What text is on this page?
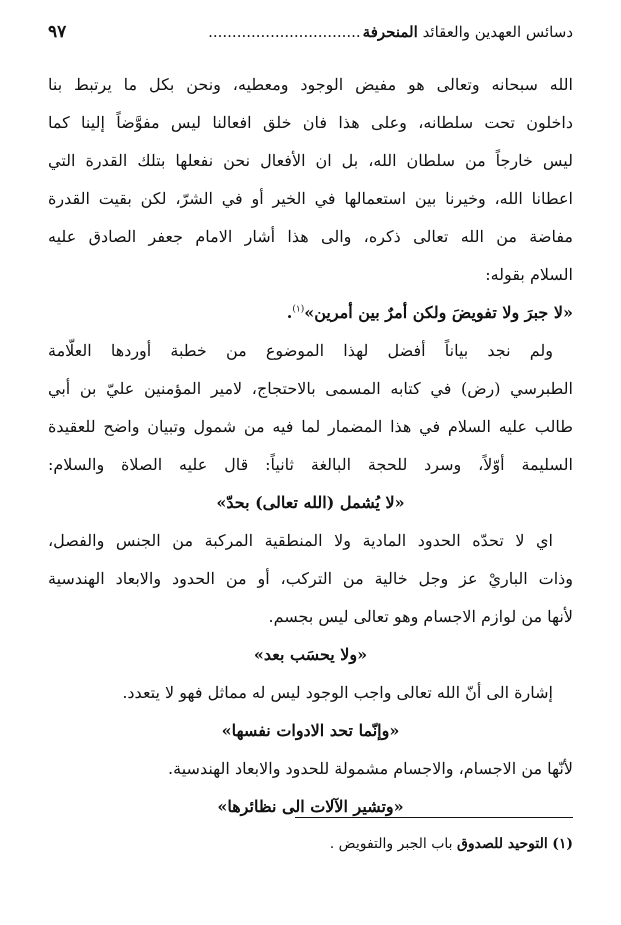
دسائس العهدين والعقائد المنحرفة................................
٩٧
الله سبحانه وتعالى هو مفيض الوجود ومعطيه، ونحن بكل ما يرتبط بنا
داخلون تحت سلطانه، وعلى هذا فان خلق افعالنا ليس مفوَّضاً إلينا كما
ليس خارجاً من سلطان الله، بل ان الأفعال نحن نفعلها بتلك القدرة التي
اعطانا الله، وخيرنا بين استعمالها في الخير أو في الشرّ، لكن بقيت القدرة
مفاضة من الله تعالى ذكره، والى هذا أشار الامام جعفر الصادق عليه
السلام بقوله:
«لا جبرَ ولا تفويضَ ولكن أمرٌ بين أمرين»$^{(١)}$.
ولم نجد بياناً أفضل لهذا الموضوع من خطبة أوردها العلّامة
الطبرسي (رض) في كتابه المسمى بالاحتجاج، لامير المؤمنين عليّ بن أبي
طالب عليه السلام في هذا المضمار لما فيه من شمول وتبيان واضح للعقيدة
السليمة أوّلاً، وسرد للحجة البالغة ثانياً: قال عليه الصلاة والسلام:
«لا يُشمل (الله تعالى) بحدّ»
اي لا تحدّه الحدود المادية ولا المنطقية المركبة من الجنس والفصل،
وذات الباريْ عز وجل خالية من التركب، أو من الحدود والابعاد الهندسية
لأنها من لوازم الاجسام وهو تعالى ليس بجسم.
«ولا يحسَب بعد»
إشارة الى أنّ الله تعالى واجب الوجود ليس له مماثل فهو لا يتعدد.
«وإنّما تحد الادوات نفسها»
لأنّها من الاجسام، والاجسام مشمولة للحدود والابعاد الهندسية.
«وتشير الآلات الى نظائرها»
(١) التوحيد للصدوق باب الجبر والتفويض .
